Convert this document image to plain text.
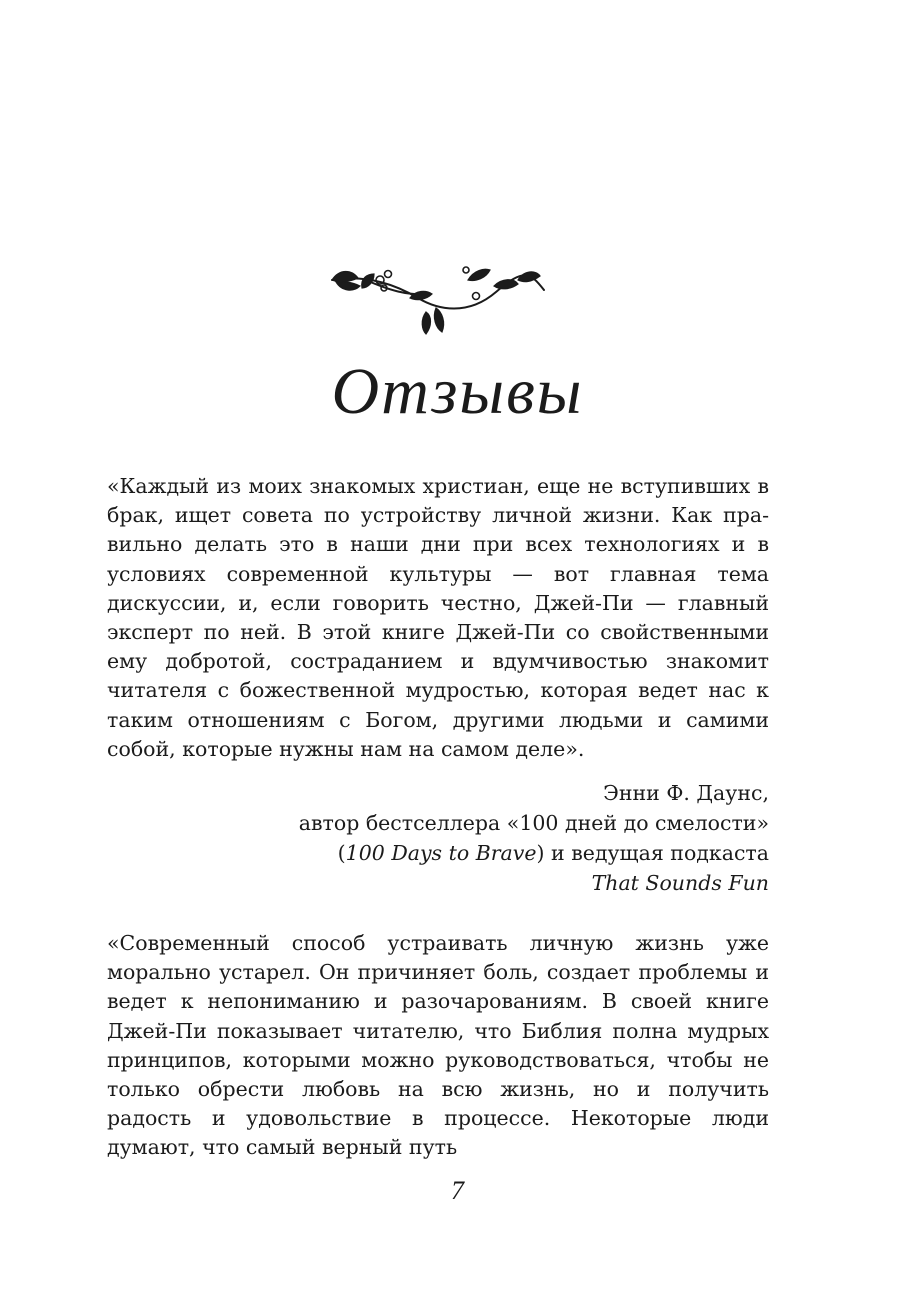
Отзывы

«Каждый из моих знакомых христиан, еще не вступивших в брак, ищет совета по устройству личной жизни. Как правильно делать это в наши дни при всех технологиях и в условиях современной культуры — вот главная тема дискуссии, и, если говорить честно, Джей-Пи — главный эксперт по ней. В этой книге Джей-Пи со свойственными ему добротой, состраданием и вдумчивостью знакомит читателя с божественной мудростью, которая ведет нас к таким отношениям с Богом, другими людьми и самими собой, которые нужны нам на самом деле».

Энни Ф. Даунс,
автор бестселлера «100 дней до смелости»
(100 Days to Brave) и ведущая подкаста
That Sounds Fun

«Современный способ устраивать личную жизнь уже морально устарел. Он причиняет боль, создает проблемы и ведет к непониманию и разочарованиям. В своей книге Джей-Пи показывает читателю, что Библия полна мудрых принципов, которыми можно руководствоваться, чтобы не только обрести любовь на всю жизнь, но и получить радость и удовольствие в процессе. Некоторые люди думают, что самый верный путь

7
